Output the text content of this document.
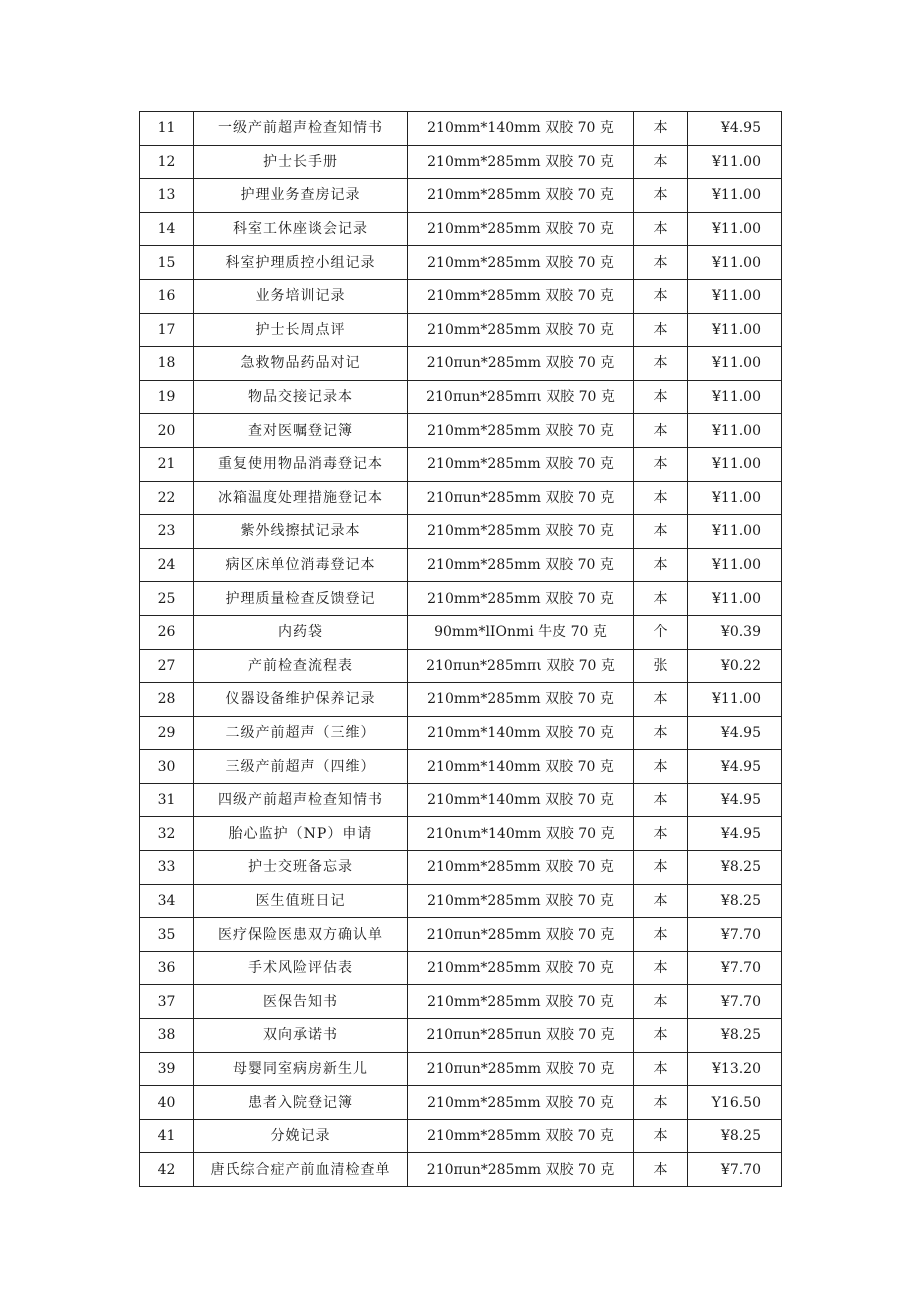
11	一级产前超声检查知情书	210mm*140mm 双胶 70 克	本	¥4.95
12	护士长手册	210mm*285mm 双胶 70 克	本	¥11.00
13	护理业务查房记录	210mm*285mm 双胶 70 克	本	¥11.00
14	科室工休座谈会记录	210mm*285mm 双胶 70 克	本	¥11.00
15	科室护理质控小组记录	210mm*285mm 双胶 70 克	本	¥11.00
16	业务培训记录	210mm*285mm 双胶 70 克	本	¥11.00
17	护士长周点评	210mm*285mm 双胶 70 克	本	¥11.00
18	急救物品药品对记	210πun*285mm 双胶 70 克	本	¥11.00
19	物品交接记录本	210πun*285mπι 双胶 70 克	本	¥11.00
20	查对医嘱登记簿	210mm*285mm 双胶 70 克	本	¥11.00
21	重复使用物品消毒登记本	210mm*285mm 双胶 70 克	本	¥11.00
22	冰箱温度处理措施登记本	210πun*285mm 双胶 70 克	本	¥11.00
23	紫外线擦拭记录本	210mm*285mm 双胶 70 克	本	¥11.00
24	病区床单位消毒登记本	210mm*285mm 双胶 70 克	本	¥11.00
25	护理质量检查反馈登记	210mm*285mm 双胶 70 克	本	¥11.00
26	内药袋	90mm*lIOnmi 牛皮 70 克	个	¥0.39
27	产前检查流程表	210πun*285mπι 双胶 70 克	张	¥0.22
28	仪器设备维护保养记录	210mm*285mm 双胶 70 克	本	¥11.00
29	二级产前超声（三维）	210mm*140mm 双胶 70 克	本	¥4.95
30	三级产前超声（四维）	210mm*140mm 双胶 70 克	本	¥4.95
31	四级产前超声检查知情书	210mm*140mm 双胶 70 克	本	¥4.95
32	胎心监护（NP）申请	210nιm*140mm 双胶 70 克	本	¥4.95
33	护士交班备忘录	210mm*285mm 双胶 70 克	本	¥8.25
34	医生值班日记	210mm*285mm 双胶 70 克	本	¥8.25
35	医疗保险医患双方确认单	210πun*285mm 双胶 70 克	本	¥7.70
36	手术风险评估表	210mm*285mm 双胶 70 克	本	¥7.70
37	医保告知书	210mm*285mm 双胶 70 克	本	¥7.70
38	双向承诺书	210πun*285πun 双胶 70 克	本	¥8.25
39	母婴同室病房新生儿	210πun*285mm 双胶 70 克	本	¥13.20
40	患者入院登记簿	210mm*285mm 双胶 70 克	本	Y16.50
41	分娩记录	210mm*285mm 双胶 70 克	本	¥8.25
42	唐氏综合症产前血清检查单	210πun*285mm 双胶 70 克	本	¥7.70
